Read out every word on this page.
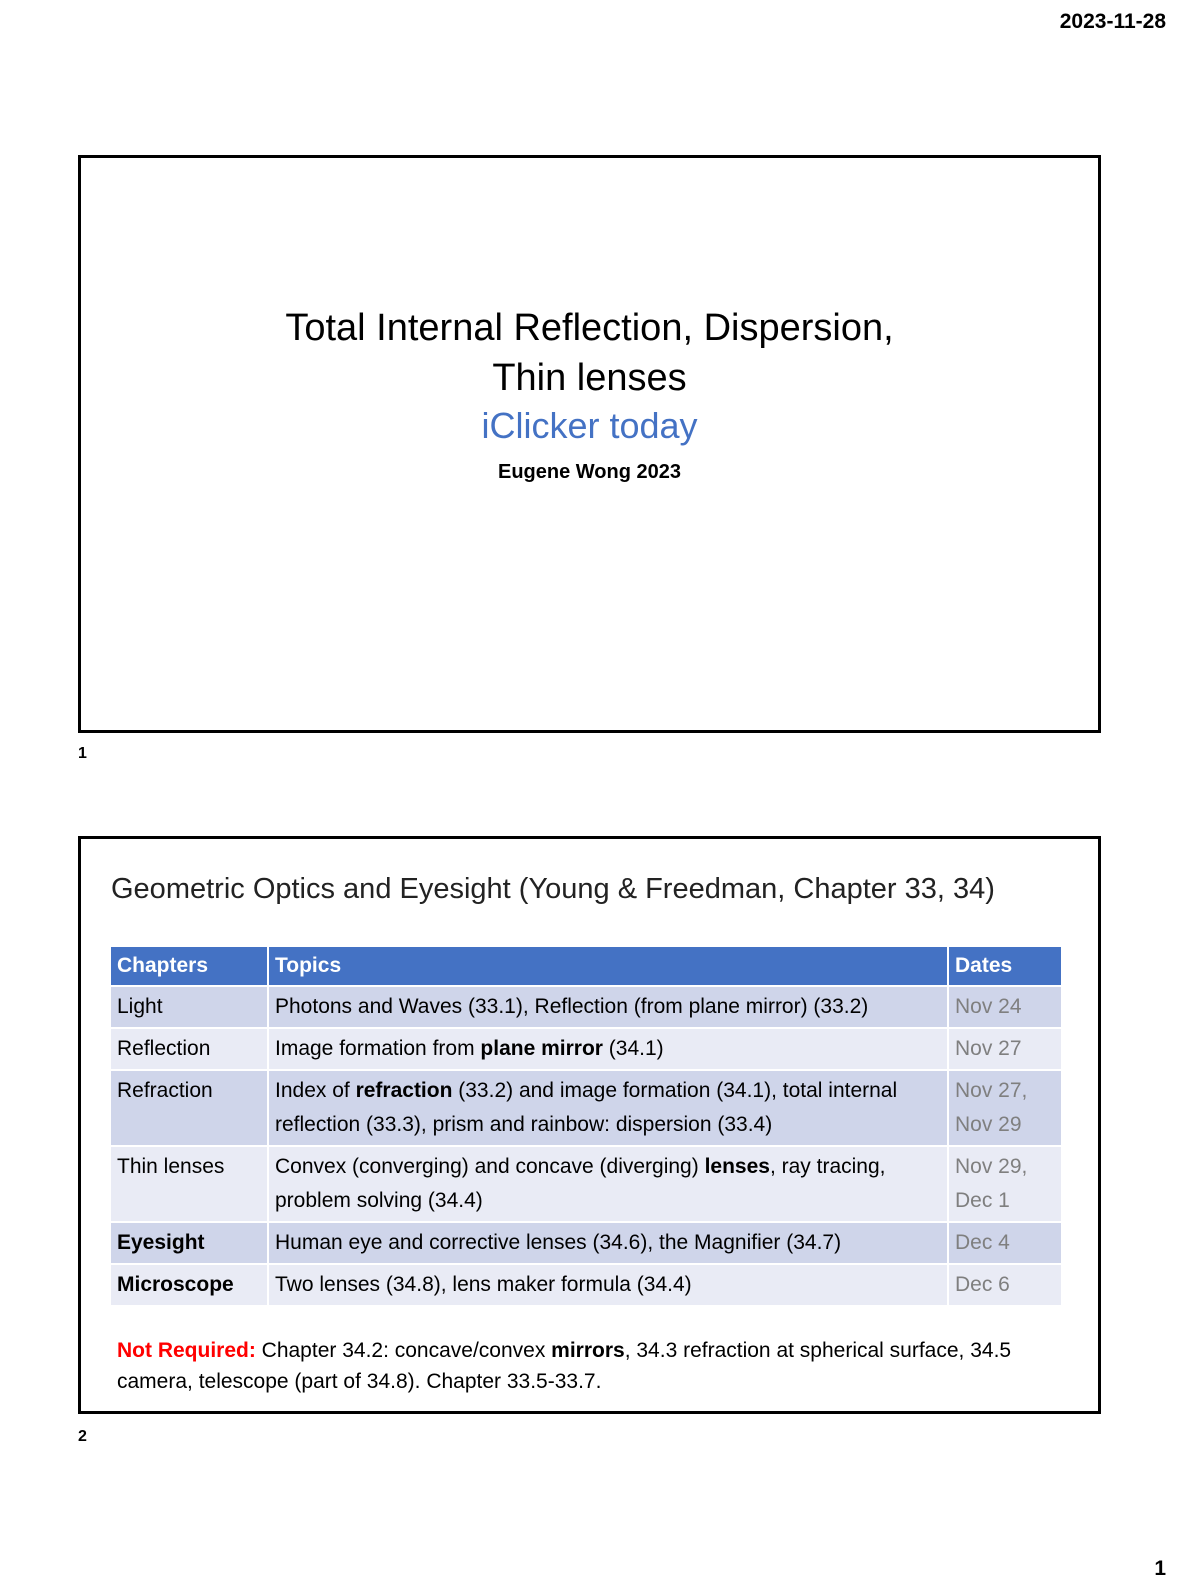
2023-11-28
Total Internal Reflection, Dispersion,
Thin lenses
iClicker today
Eugene Wong 2023
1
Geometric Optics and Eyesight (Young & Freedman, Chapter 33, 34)
Chapters	Topics	Dates
Light	Photons and Waves (33.1), Reflection (from plane mirror) (33.2)	Nov 24
Reflection	Image formation from plane mirror (34.1)	Nov 27
Refraction	Index of refraction (33.2) and image formation (34.1), total internal reflection (33.3), prism and rainbow: dispersion (33.4)	Nov 27,
Nov 29
Thin lenses	Convex (converging) and concave (diverging) lenses, ray tracing, problem solving (34.4)	Nov 29,
Dec 1
Eyesight	Human eye and corrective lenses (34.6), the Magnifier (34.7)	Dec 4
Microscope	Two lenses (34.8), lens maker formula (34.4)	Dec 6
Not Required: Chapter 34.2: concave/convex mirrors, 34.3 refraction at spherical surface, 34.5 camera, telescope (part of 34.8). Chapter 33.5-33.7.
2
1
